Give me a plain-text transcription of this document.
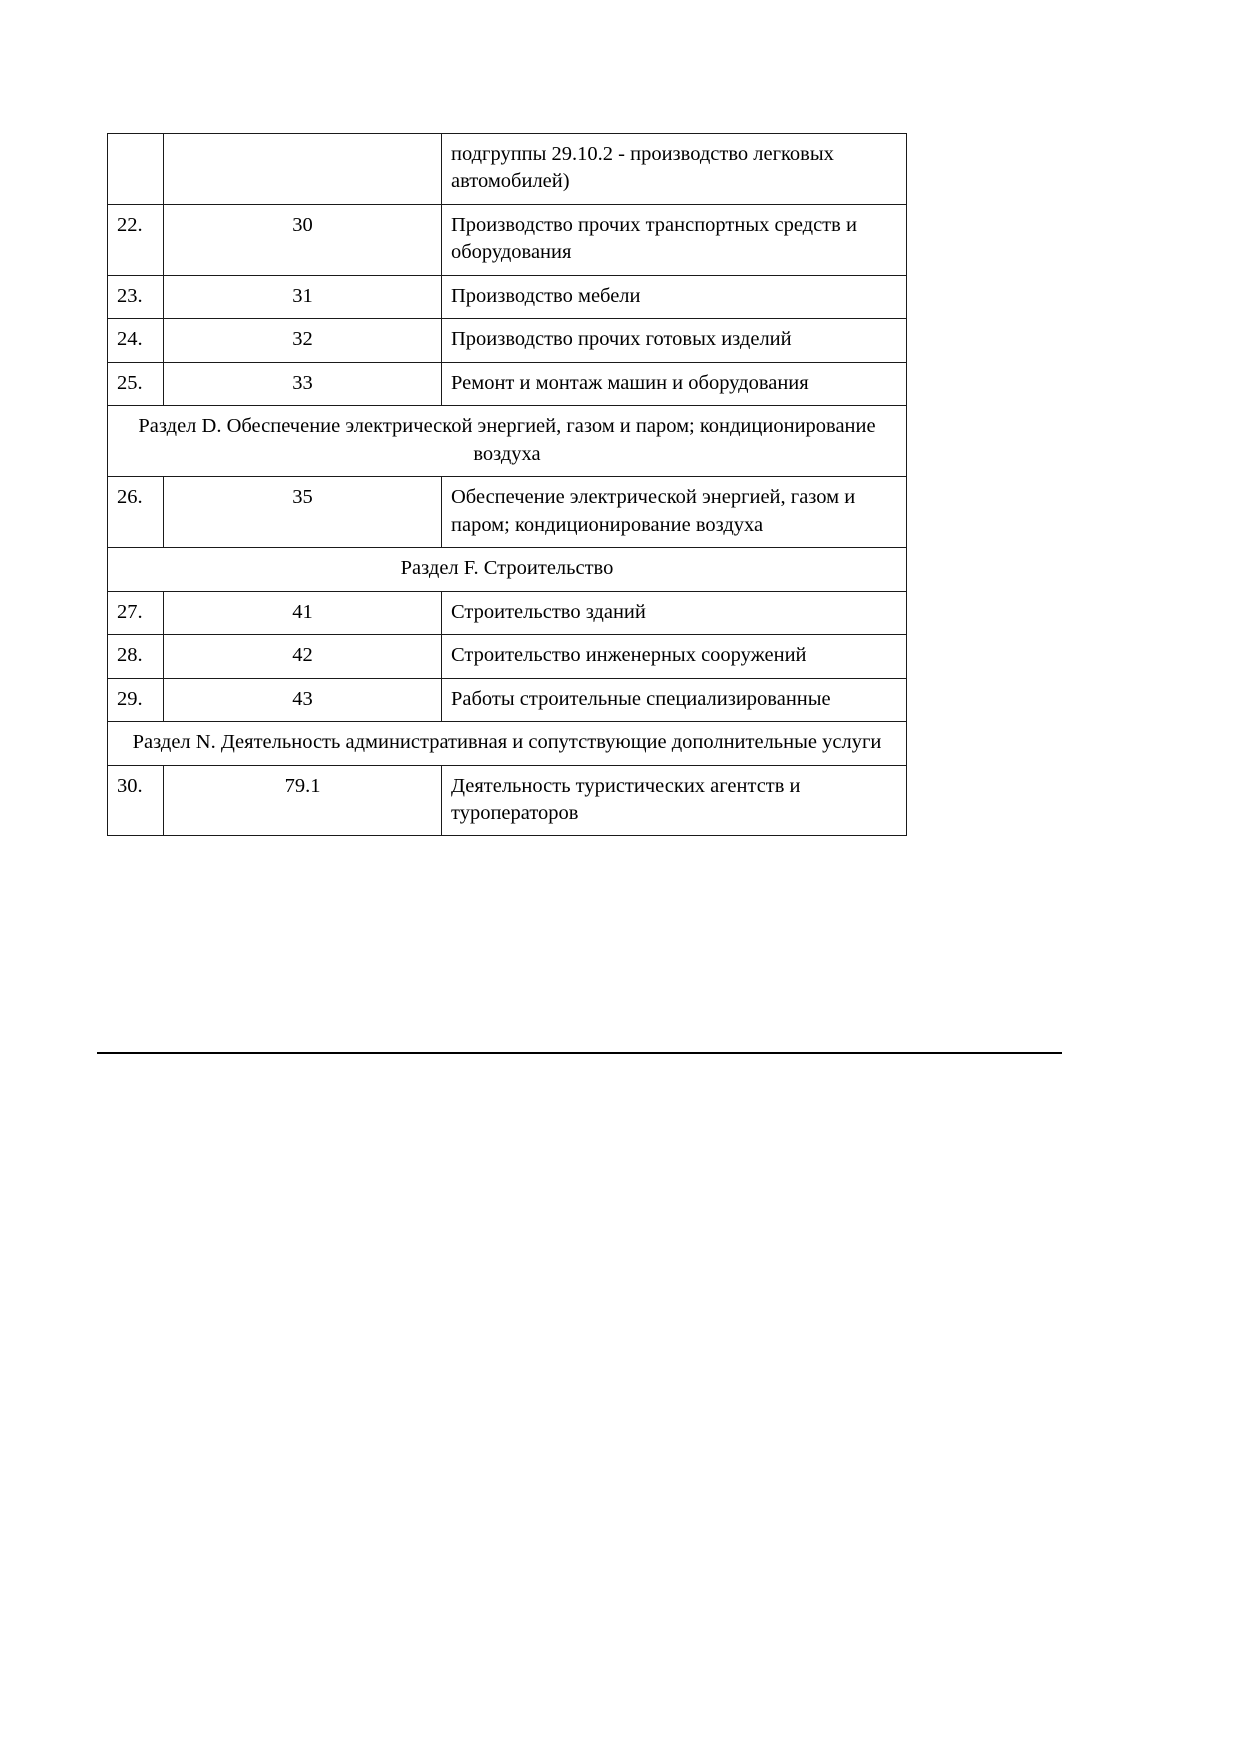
		подгруппы 29.10.2 - производство легковых автомобилей)
22.	30	Производство прочих транспортных средств и оборудования
23.	31	Производство мебели
24.	32	Производство прочих готовых изделий
25.	33	Ремонт и монтаж машин и оборудования
Раздел D. Обеспечение электрической энергией, газом и паром; кондиционирование воздуха		
26.	35	Обеспечение электрической энергией, газом и паром; кондиционирование воздуха
Раздел F. Строительство		
27.	41	Строительство зданий
28.	42	Строительство инженерных сооружений
29.	43	Работы строительные специализированные
Раздел N. Деятельность административная и сопутствующие дополнительные услуги		
30.	79.1	Деятельность туристических агентств и туроператоров
